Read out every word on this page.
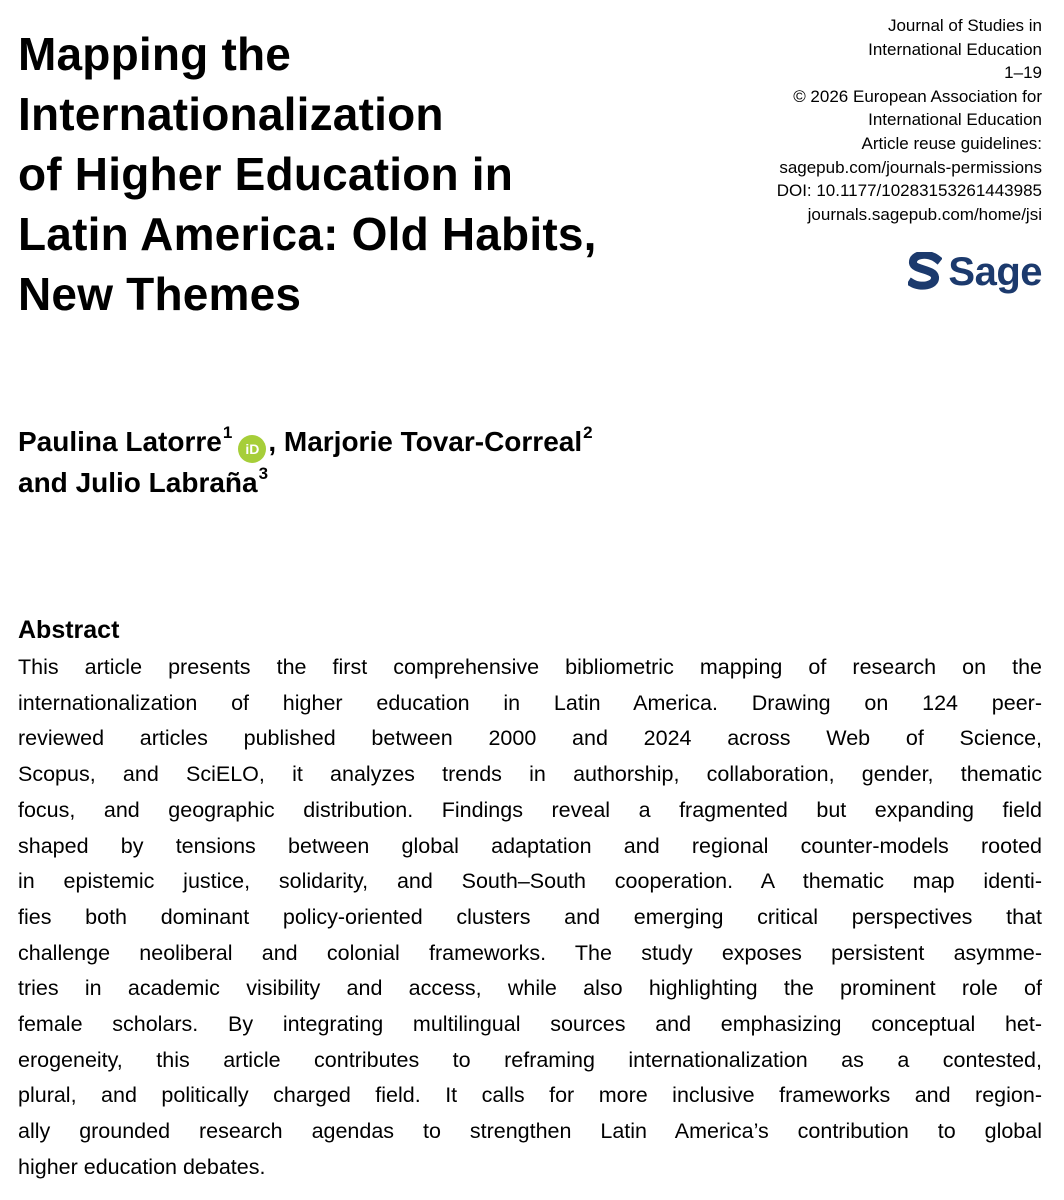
Mapping the
Internationalization
of Higher Education in
Latin America: Old Habits,
New Themes
Journal of Studies in
International Education
1–19
© 2026 European Association for
International Education
Article reuse guidelines:
sagepub.com/journals-permissions
DOI: 10.1177/10283153261443985
journals.sagepub.com/home/jsi
Sage
Paulina Latorre$^1$iD , Marjorie Tovar-Correal$^2$
and Julio Labraña$^3$
Abstract
This article presents the first comprehensive bibliometric mapping of research on the
internationalization of higher education in Latin America. Drawing on 124 peer-
reviewed articles published between 2000 and 2024 across Web of Science,
Scopus, and SciELO, it analyzes trends in authorship, collaboration, gender, thematic
focus, and geographic distribution. Findings reveal a fragmented but expanding field
shaped by tensions between global adaptation and regional counter-models rooted
in epistemic justice, solidarity, and South–South cooperation. A thematic map identi-
fies both dominant policy-oriented clusters and emerging critical perspectives that
challenge neoliberal and colonial frameworks. The study exposes persistent asymme-
tries in academic visibility and access, while also highlighting the prominent role of
female scholars. By integrating multilingual sources and emphasizing conceptual het-
erogeneity, this article contributes to reframing internationalization as a contested,
plural, and politically charged field. It calls for more inclusive frameworks and region-
ally grounded research agendas to strengthen Latin America’s contribution to global
higher education debates.
